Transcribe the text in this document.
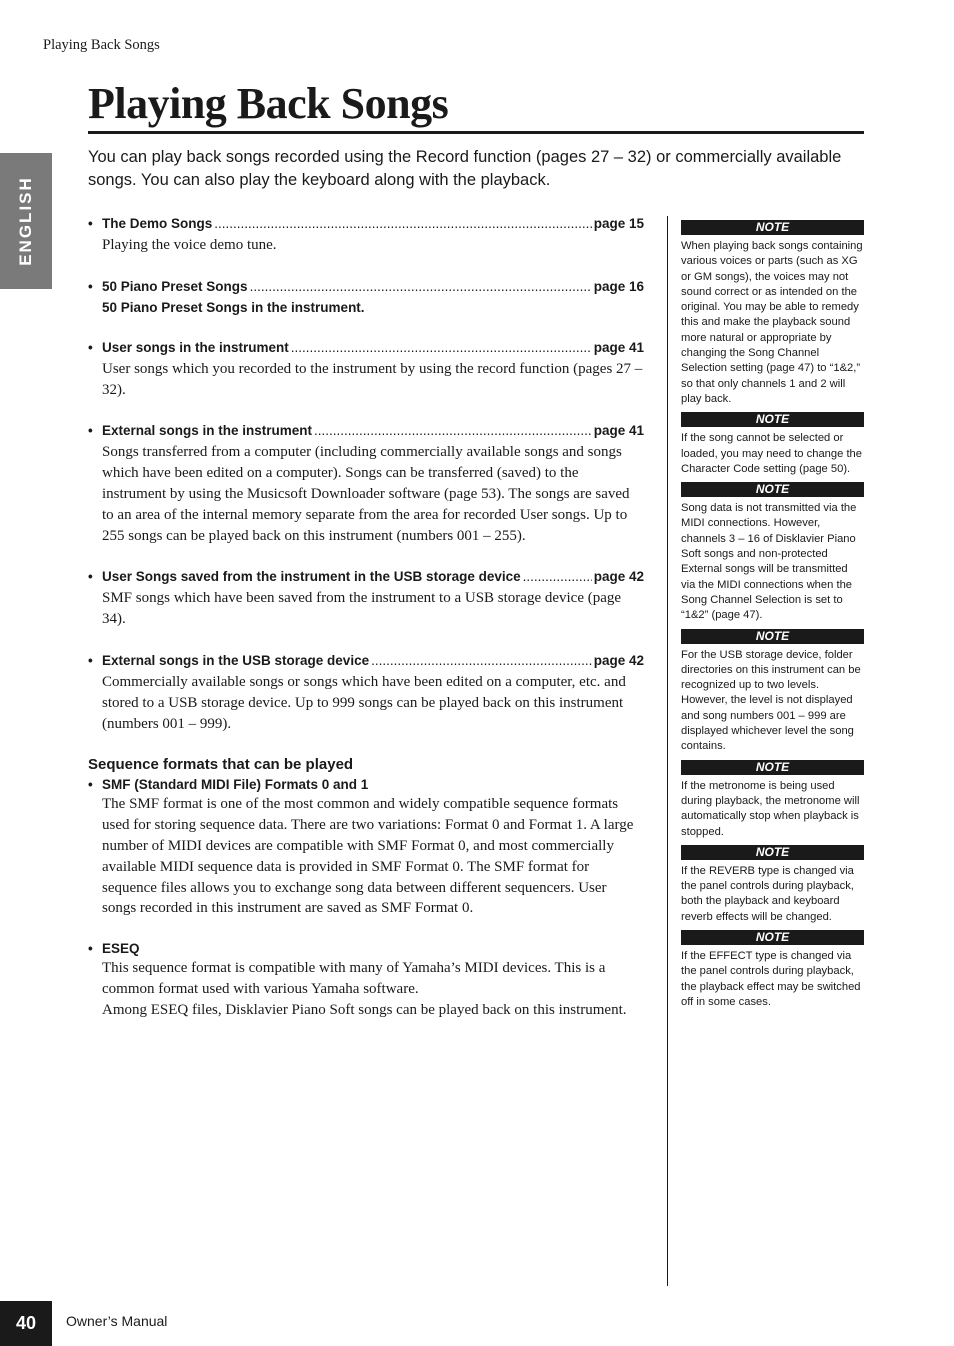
Playing Back Songs
Playing Back Songs
ENGLISH

You can play back songs recorded using the Record function (pages 27 – 32) or commercially available songs. You can also play the keyboard along with the playback.

• The Demo Songs .....	page 15

Playing the voice demo tune.

• 50 Piano Preset Songs .....	page 16

50 Piano Preset Songs in the instrument.

• User songs in the instrument .....	page 41

User songs which you recorded to the instrument by using the record function (pages 27 – 32).

• External songs in the instrument .....	page 41

Songs transferred from a computer (including commercially available songs and songs which have been edited on a computer). Songs can be transferred (saved) to the instrument by using the Musicsoft Downloader software (page 53). The songs are saved to an area of the internal memory separate from the area for recorded User songs. Up to 255 songs can be played back on this instrument (numbers 001 – 255).

• User Songs saved from the instrument in the USB storage device .....	page 42

SMF songs which have been saved from the instrument to a USB storage device (page 34).

• External songs in the USB storage device .....	page 42

Commercially available songs or songs which have been edited on a computer, etc. and stored to a USB storage device. Up to 999 songs can be played back on this instrument (numbers 001 – 999).

Sequence formats that can be played
• SMF (Standard MIDI File) Formats 0 and 1

The SMF format is one of the most common and widely compatible sequence formats used for storing sequence data. There are two variations: Format 0 and Format 1. A large number of MIDI devices are compatible with SMF Format 0, and most commercially available MIDI sequence data is provided in SMF Format 0. The SMF format for sequence files allows you to exchange song data between different sequencers. User songs recorded in this instrument are saved as SMF Format 0.

• ESEQ

This sequence format is compatible with many of Yamaha’s MIDI devices. This is a common format used with various Yamaha software.

Among ESEQ files, Disklavier Piano Soft songs can be played back on this instrument.

NOTE

When playing back songs containing various voices or parts (such as XG or GM songs), the voices may not sound correct or as intended on the original. You may be able to remedy this and make the playback sound more natural or appropriate by changing the Song Channel Selection setting (page 47) to “1&2,” so that only channels 1 and 2 will play back.

NOTE

If the song cannot be selected or loaded, you may need to change the Character Code setting (page 50).

NOTE

Song data is not transmitted via the MIDI connections. However, channels 3 – 16 of Disklavier Piano Soft songs and non-protected External songs will be transmitted via the MIDI connections when the Song Channel Selection is set to “1&2” (page 47).

NOTE

For the USB storage device, folder directories on this instrument can be recognized up to two levels. However, the level is not displayed and song numbers 001 – 999 are displayed whichever level the song contains.

NOTE

If the metronome is being used during playback, the metronome will automatically stop when playback is stopped.

NOTE

If the REVERB type is changed via the panel controls during playback, both the playback and keyboard reverb effects will be changed.

NOTE

If the EFFECT type is changed via the panel controls during playback, the playback effect may be switched off in some cases.

40	Owner’s Manual
